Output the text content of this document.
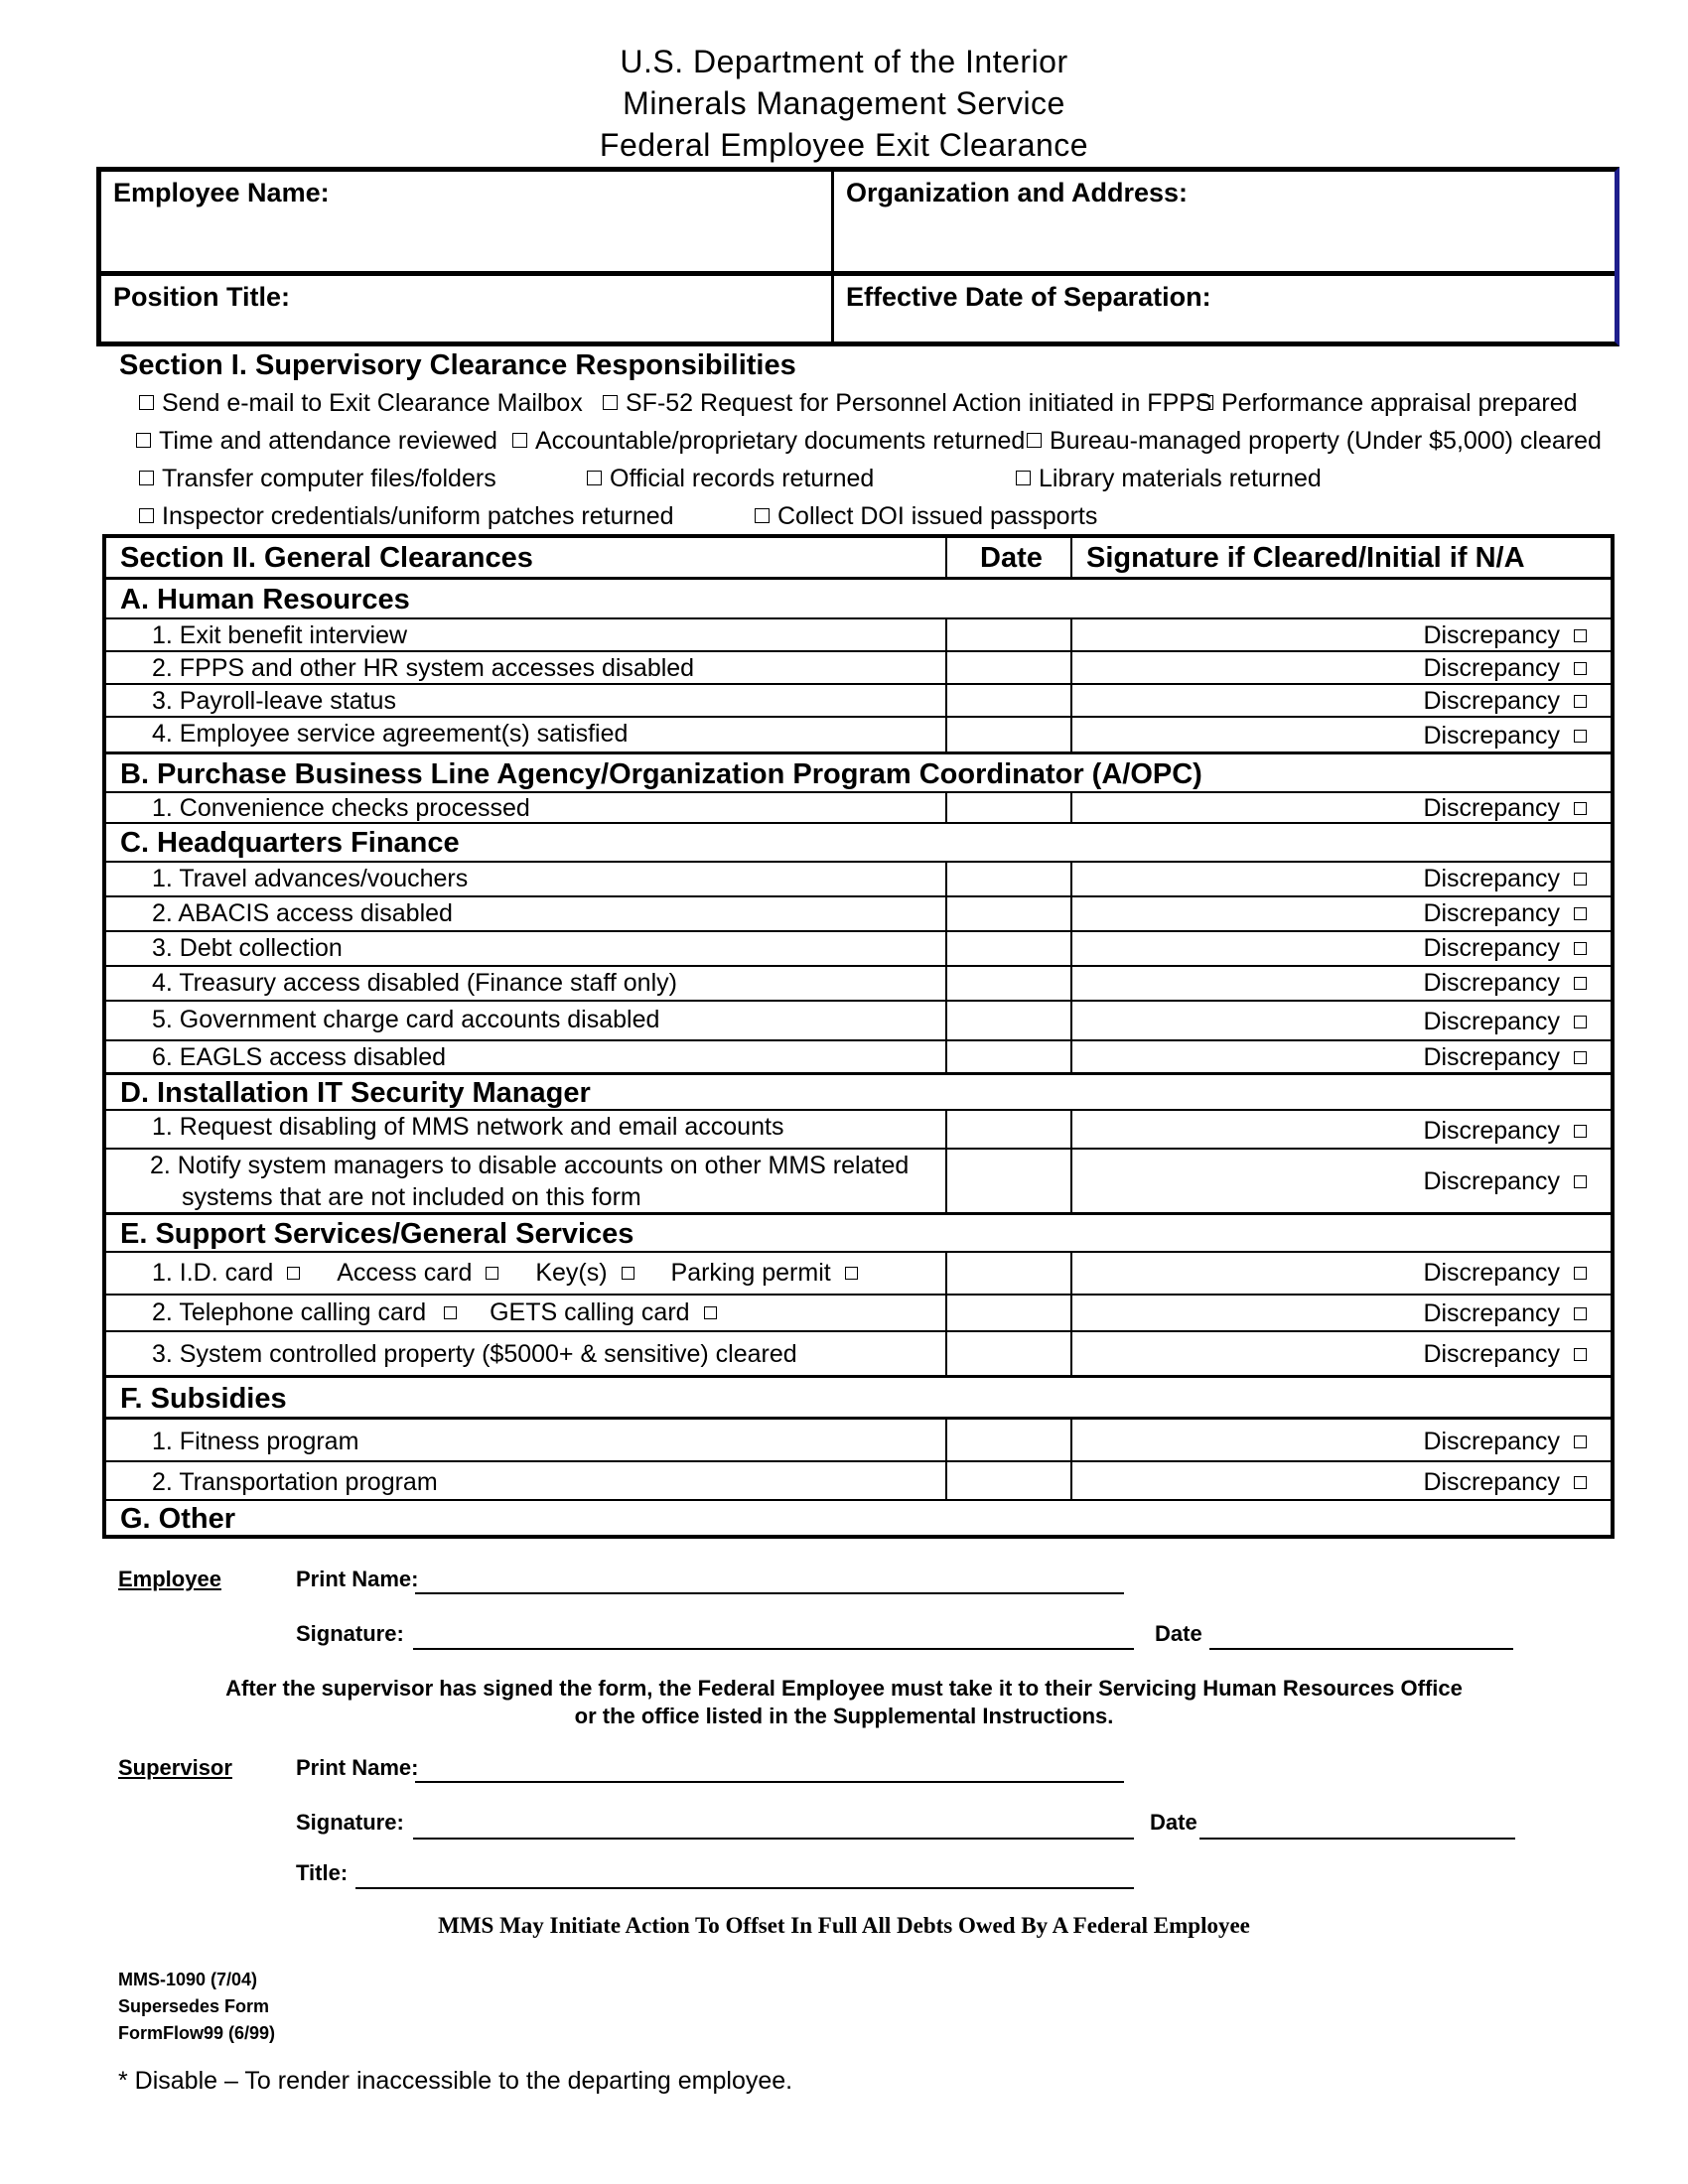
U.S. Department of the Interior
Minerals Management Service
Federal Employee Exit Clearance
Employee Name:	Organization and Address:
Position Title:	Effective Date of Separation:
Section I. Supervisory Clearance Responsibilities
Send e-mail to Exit Clearance Mailbox	SF-52 Request for Personnel Action initiated in FPPS Performance appraisal prepared
Time and attendance reviewed	Accountable/proprietary documents returned Bureau-managed property (Under $5,000) cleared
Transfer computer files/folders	Official records returned	Library materials returned
Inspector credentials/uniform patches returned	Collect DOI issued passports
Section II. General Clearances	Date Signature if Cleared/Initial if N/A
A. Human Resources
1. Exit benefit interview	Discrepancy
2. FPPS and other HR system accesses disabled	Discrepancy
3. Payroll-leave status	Discrepancy
4. Employee service agreement(s) satisfied	Discrepancy
B. Purchase Business Line Agency/Organization Program Coordinator (A/OPC)
1. Convenience checks processed	Discrepancy
C. Headquarters Finance
1. Travel advances/vouchers	Discrepancy
2. ABACIS access disabled	Discrepancy
3. Debt collection	Discrepancy
4. Treasury access disabled (Finance staff only)	Discrepancy
5. Government charge card accounts disabled	Discrepancy
6. EAGLS access disabled	Discrepancy
D. Installation IT Security Manager
1. Request disabling of MMS network and email accounts	Discrepancy
2. Notify system managers to disable accounts on other MMS related
systems that are not included on this form
Discrepancy
E. Support Services/General Services
1. I.D. card	Access card	Key(s)	Parking permit	Discrepancy
2. Telephone calling card	GETS calling card	Discrepancy
3. System controlled property ($5000+ & sensitive) cleared	Discrepancy
F. Subsidies
1. Fitness program	Discrepancy
2. Transportation program	Discrepancy
G. Other
Employee	Print Name:
Signature:	Date
After the supervisor has signed the form, the Federal Employee must take it to their Servicing Human Resources Office
or the office listed in the Supplemental Instructions.
Supervisor	Print Name:
Signature:	Date
Title:
MMS May Initiate Action To Offset In Full All Debts Owed By A Federal Employee
MMS-1090 (7/04)
Supersedes Form
FormFlow99 (6/99)
* Disable – To render inaccessible to the departing employee.
